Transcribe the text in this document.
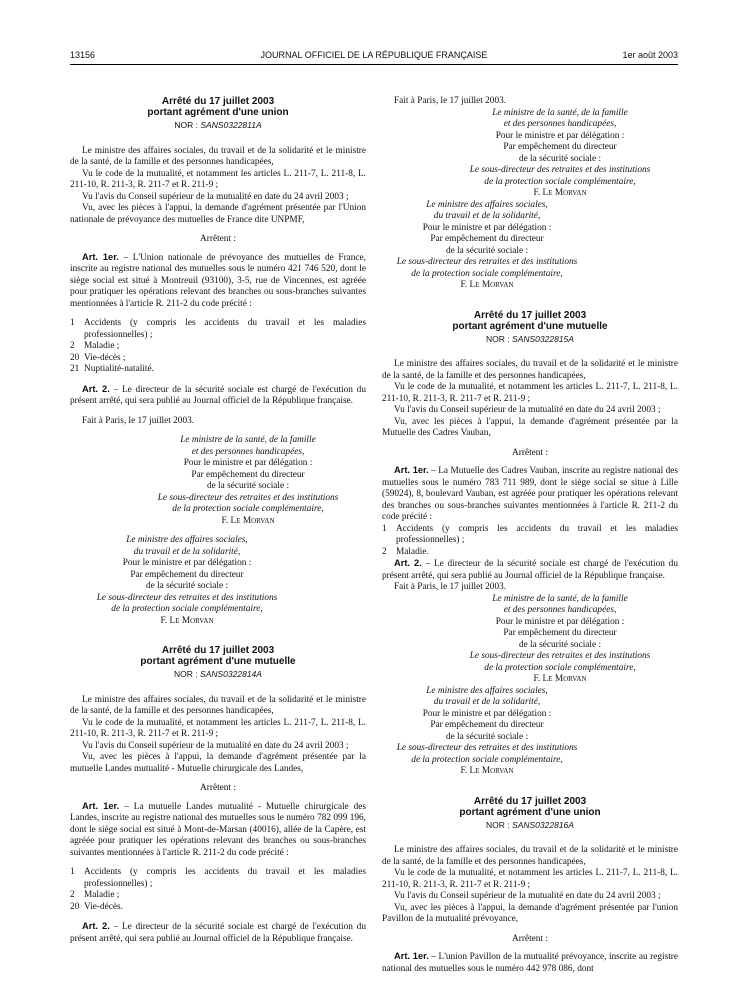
13156	JOURNAL OFFICIEL DE LA RÉPUBLIQUE FRANÇAISE	1er août 2003

Arrêté du 17 juillet 2003

portant agrément d'une union

NOR : SANS0322811A

Le ministre des affaires sociales, du travail et de la solidarité et le ministre de la santé, de la famille et des personnes handicapées,

Vu le code de la mutualité, et notamment les articles L. 211-7, L. 211-8, L. 211-10, R. 211-3, R. 211-7 et R. 211-9 ;

Vu l'avis du Conseil supérieur de la mutualité en date du 24 avril 2003 ;

Vu, avec les pièces à l'appui, la demande d'agrément présentée par l'Union nationale de prévoyance des mutuelles de France dite UNPMF,

Arrêtent :

Art. 1er. – L'Union nationale de prévoyance des mutuelles de France, inscrite au registre national des mutuelles sous le numéro 421 746 520, dont le siège social est situé à Montreuil (93100), 3-5, rue de Vincennes, est agréée pour pratiquer les opérations relevant des branches ou sous-branches suivantes mentionnées à l'article R. 211-2 du code précité :

1 Accidents (y compris les accidents du travail et les maladies professionnelles) ;

2 Maladie ;

20 Vie-décès ;

21 Nuptialité-natalité.

Art. 2. – Le directeur de la sécurité sociale est chargé de l'exécution du présent arrêté, qui sera publié au Journal officiel de la République française.

Fait à Paris, le 17 juillet 2003.

Le ministre de la santé, de la famille

et des personnes handicapées,

Pour le ministre et par délégation :

Par empêchement du directeur

de la sécurité sociale :

Le sous-directeur des retraites et des institutions

de la protection sociale complémentaire,

F. Le Morvan

Le ministre des affaires sociales,

du travail et de la solidarité,

Pour le ministre et par délégation :

Par empêchement du directeur

de la sécurité sociale :

Le sous-directeur des retraites et des institutions

de la protection sociale complémentaire,

F. Le Morvan

Arrêté du 17 juillet 2003

portant agrément d'une mutuelle

NOR : SANS0322814A

Le ministre des affaires sociales, du travail et de la solidarité et le ministre de la santé, de la famille et des personnes handicapées,

Vu le code de la mutualité, et notamment les articles L. 211-7, L. 211-8, L. 211-10, R. 211-3, R. 211-7 et R. 211-9 ;

Vu l'avis du Conseil supérieur de la mutualité en date du 24 avril 2003 ;

Vu, avec les pièces à l'appui, la demande d'agrément présentée par la mutuelle Landes mutualité - Mutuelle chirurgicale des Landes,

Arrêtent :

Art. 1er. – La mutuelle Landes mutualité - Mutuelle chirurgicale des Landes, inscrite au registre national des mutuelles sous le numéro 782 099 196, dont le siège social est situé à Mont-de-Marsan (40016), allée de la Capère, est agréée pour pratiquer les opérations relevant des branches ou sous-branches suivantes mentionnées à l'article R. 211-2 du code précité :

1 Accidents (y compris les accidents du travail et les maladies professionnelles) ;

2 Maladie ;

20 Vie-décès.

Art. 2. – Le directeur de la sécurité sociale est chargé de l'exécution du présent arrêté, qui sera publié au Journal officiel de la République française.

Fait à Paris, le 17 juillet 2003.

Le ministre de la santé, de la famille

et des personnes handicapées,

Pour le ministre et par délégation :

Par empêchement du directeur

de la sécurité sociale :

Le sous-directeur des retraites et des institutions

de la protection sociale complémentaire,

F. Le Morvan

Le ministre des affaires sociales,

du travail et de la solidarité,

Pour le ministre et par délégation :

Par empêchement du directeur

de la sécurité sociale :

Le sous-directeur des retraites et des institutions

de la protection sociale complémentaire,

F. Le Morvan

Arrêté du 17 juillet 2003

portant agrément d'une mutuelle

NOR : SANS0322815A

Le ministre des affaires sociales, du travail et de la solidarité et le ministre de la santé, de la famille et des personnes handicapées,

Vu le code de la mutualité, et notamment les articles L. 211-7, L. 211-8, L. 211-10, R. 211-3, R. 211-7 et R. 211-9 ;

Vu l'avis du Conseil supérieur de la mutualité en date du 24 avril 2003 ;

Vu, avec les pièces à l'appui, la demande d'agrément présentée par la Mutuelle des Cadres Vauban,

Arrêtent :

Art. 1er. – La Mutuelle des Cadres Vauban, inscrite au registre national des mutuelles sous le numéro 783 711 989, dont le siège social se situe à Lille (59024), 8, boulevard Vauban, est agréée pour pratiquer les opérations relevant des branches ou sous-branches suivantes mentionnées à l'article R. 211-2 du code précité :

1 Accidents (y compris les accidents du travail et les maladies professionnelles) ;

2 Maladie.

Art. 2. – Le directeur de la sécurité sociale est chargé de l'exécution du présent arrêté, qui sera publié au Journal officiel de la République française.

Fait à Paris, le 17 juillet 2003.

Le ministre de la santé, de la famille

et des personnes handicapées,

Pour le ministre et par délégation :

Par empêchement du directeur

de la sécurité sociale :

Le sous-directeur des retraites et des institutions

de la protection sociale complémentaire,

F. Le Morvan

Le ministre des affaires sociales,

du travail et de la solidarité,

Pour le ministre et par délégation :

Par empêchement du directeur

de la sécurité sociale :

Le sous-directeur des retraites et des institutions

de la protection sociale complémentaire,

F. Le Morvan

Arrêté du 17 juillet 2003

portant agrément d'une union

NOR : SANS0322816A

Le ministre des affaires sociales, du travail et de la solidarité et le ministre de la santé, de la famille et des personnes handicapées,

Vu le code de la mutualité, et notamment les articles L. 211-7, L. 211-8, L. 211-10, R. 211-3, R. 211-7 et R. 211-9 ;

Vu l'avis du Conseil supérieur de la mutualité en date du 24 avril 2003 ;

Vu, avec les pièces à l'appui, la demande d'agrément présentée par l'union Pavillon de la mutualité prévoyance,

Arrêtent :

Art. 1er. – L'union Pavillon de la mutualité prévoyance, inscrite au registre national des mutuelles sous le numéro 442 978 086, dont
